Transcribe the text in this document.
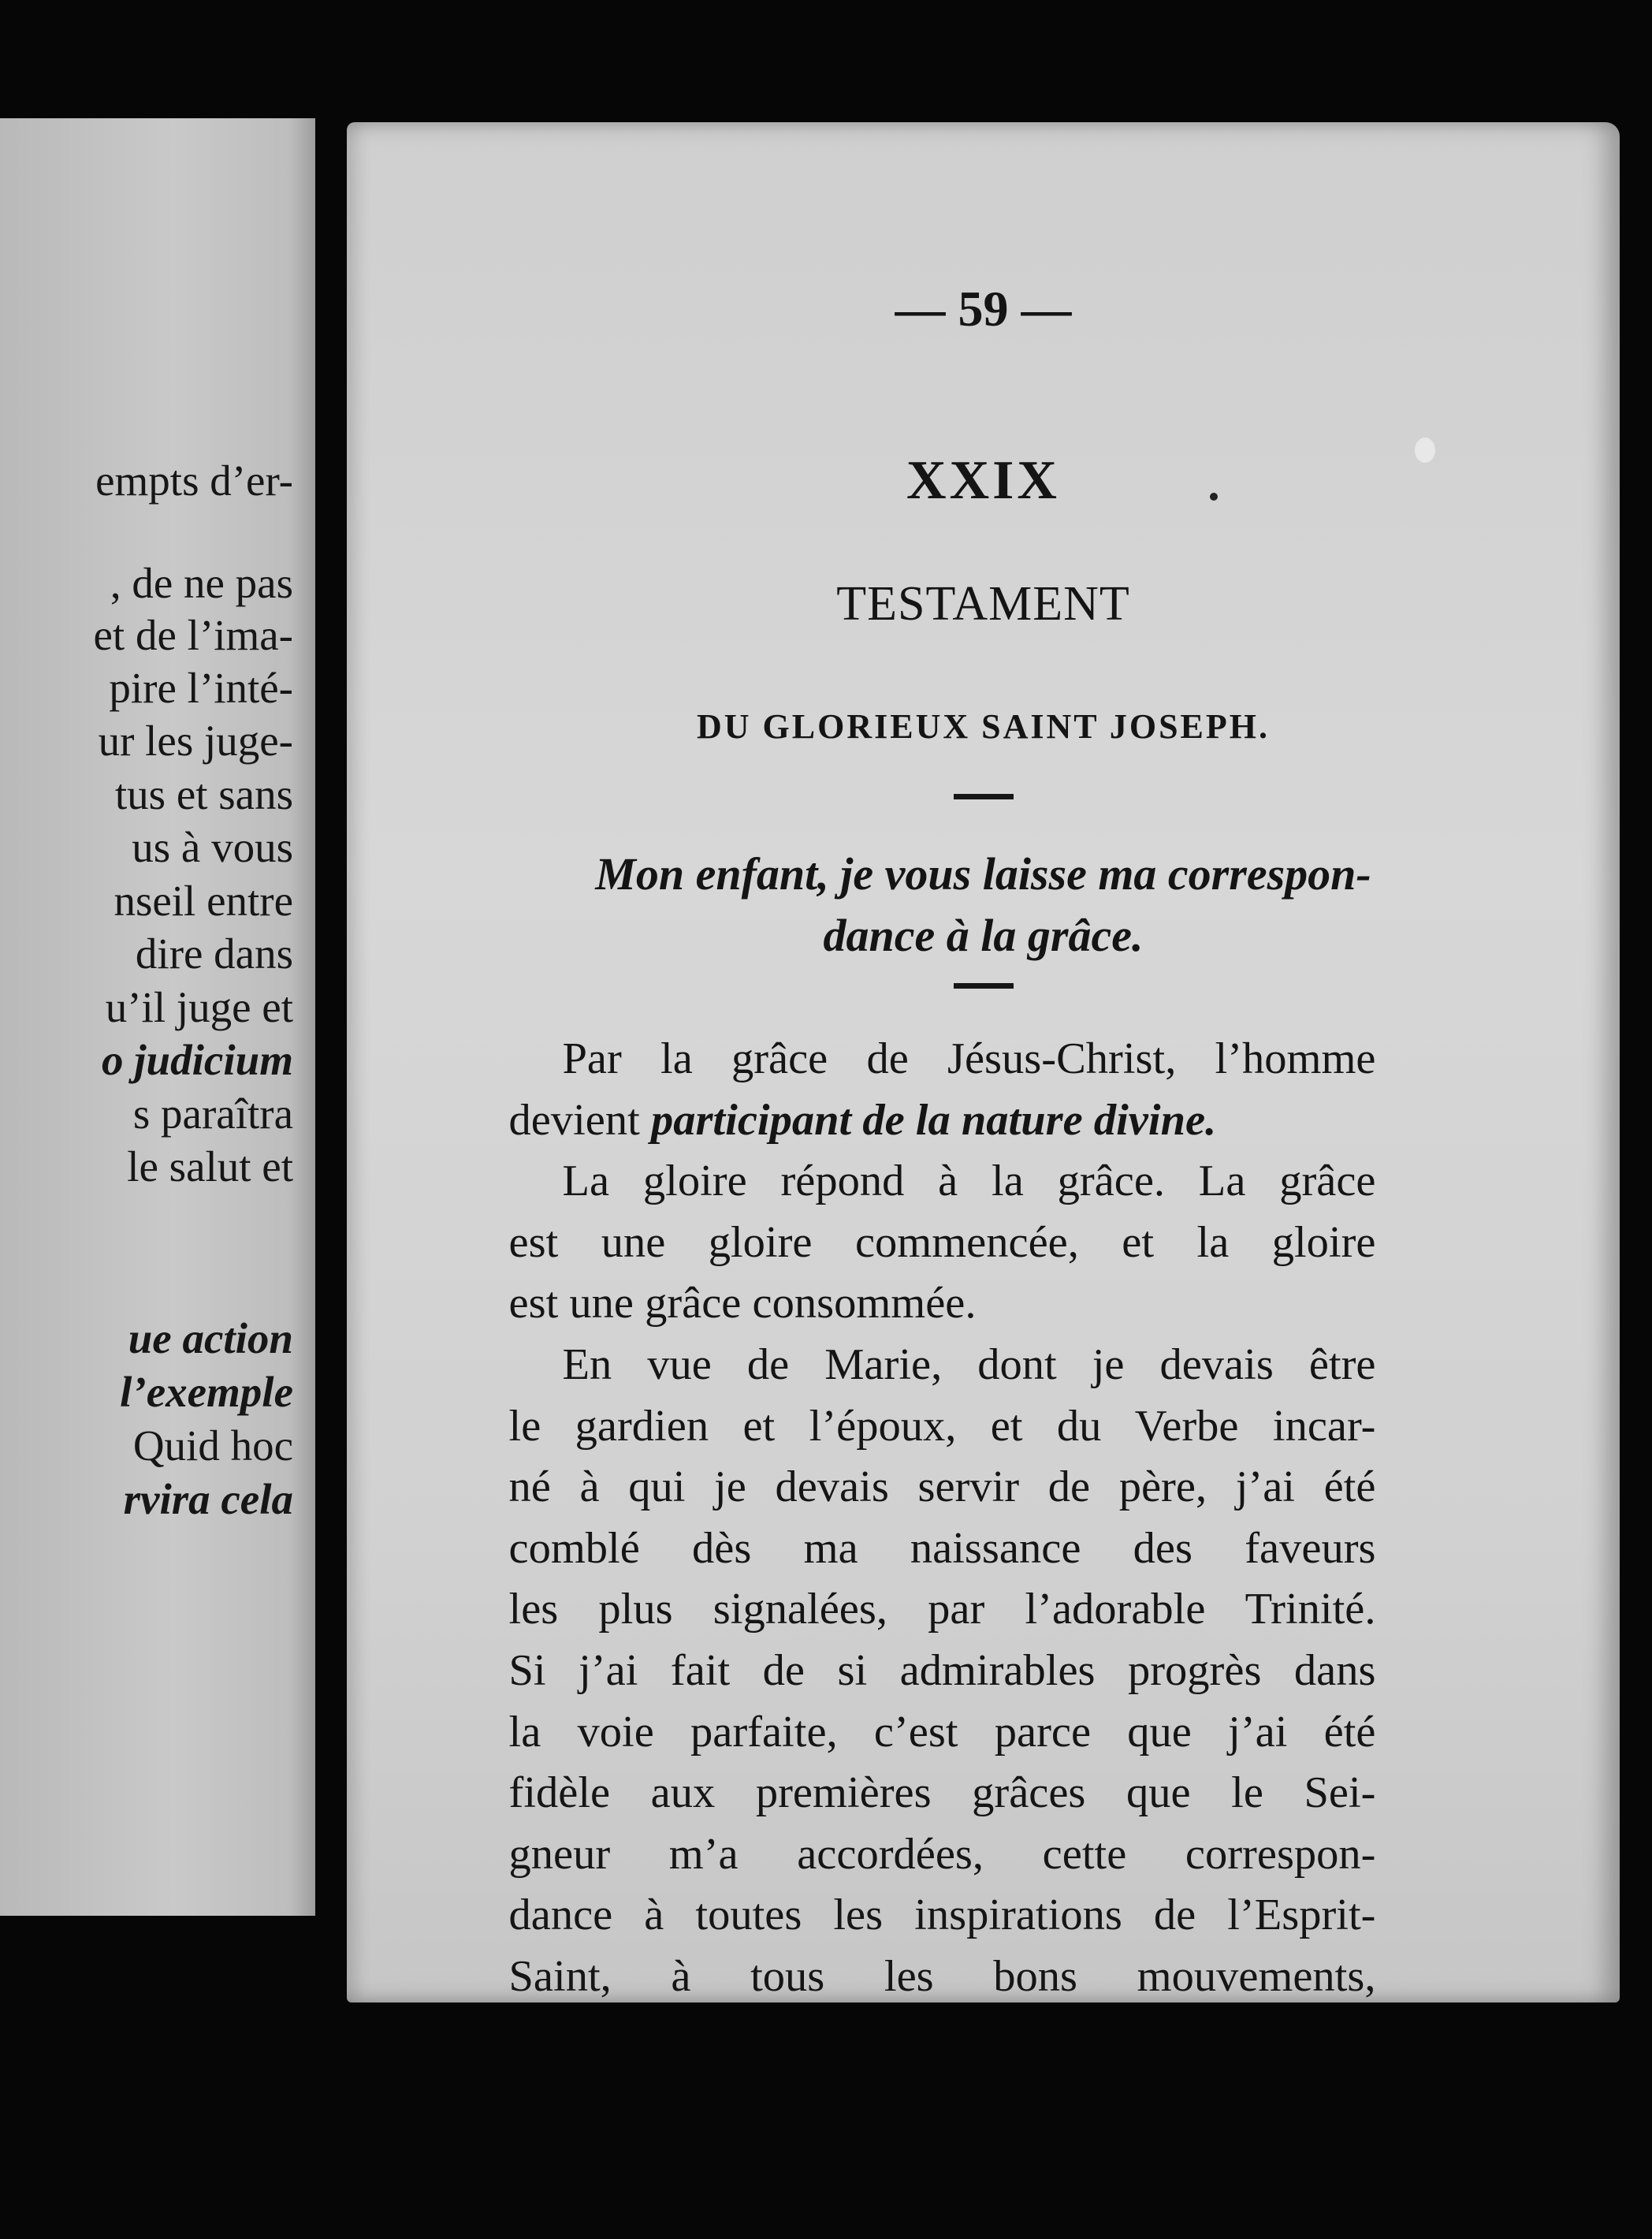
empts d’er-
, de ne pas
et de l’ima-
pire l’inté-
ur les juge-
tus et sans
us à vous
nseil entre
dire dans
u’il juge et
o judicium
s paraîtra
le salut et
ue action
l’exemple
Quid hoc
rvira cela
— 59 —
XXIX
TESTAMENT
DU GLORIEUX SAINT JOSEPH.
Mon enfant, je vous laisse ma correspon-
dance à la grâce.
Par la grâce de Jésus-Christ, l’homme
devient participant de la nature divine.
La gloire répond à la grâce. La grâce
est une gloire commencée, et la gloire
est une grâce consommée.
En vue de Marie, dont je devais être
le gardien et l’époux, et du Verbe incar-
né à qui je devais servir de père, j’ai été
comblé dès ma naissance des faveurs
les plus signalées, par l’adorable Trinité.
Si j’ai fait de si admirables progrès dans
la voie parfaite, c’est parce que j’ai été
fidèle aux premières grâces que le Sei-
gneur m’a accordées, cette correspon-
dance à toutes les inspirations de l’Esprit-
Saint, à tous les bons mouvements,
